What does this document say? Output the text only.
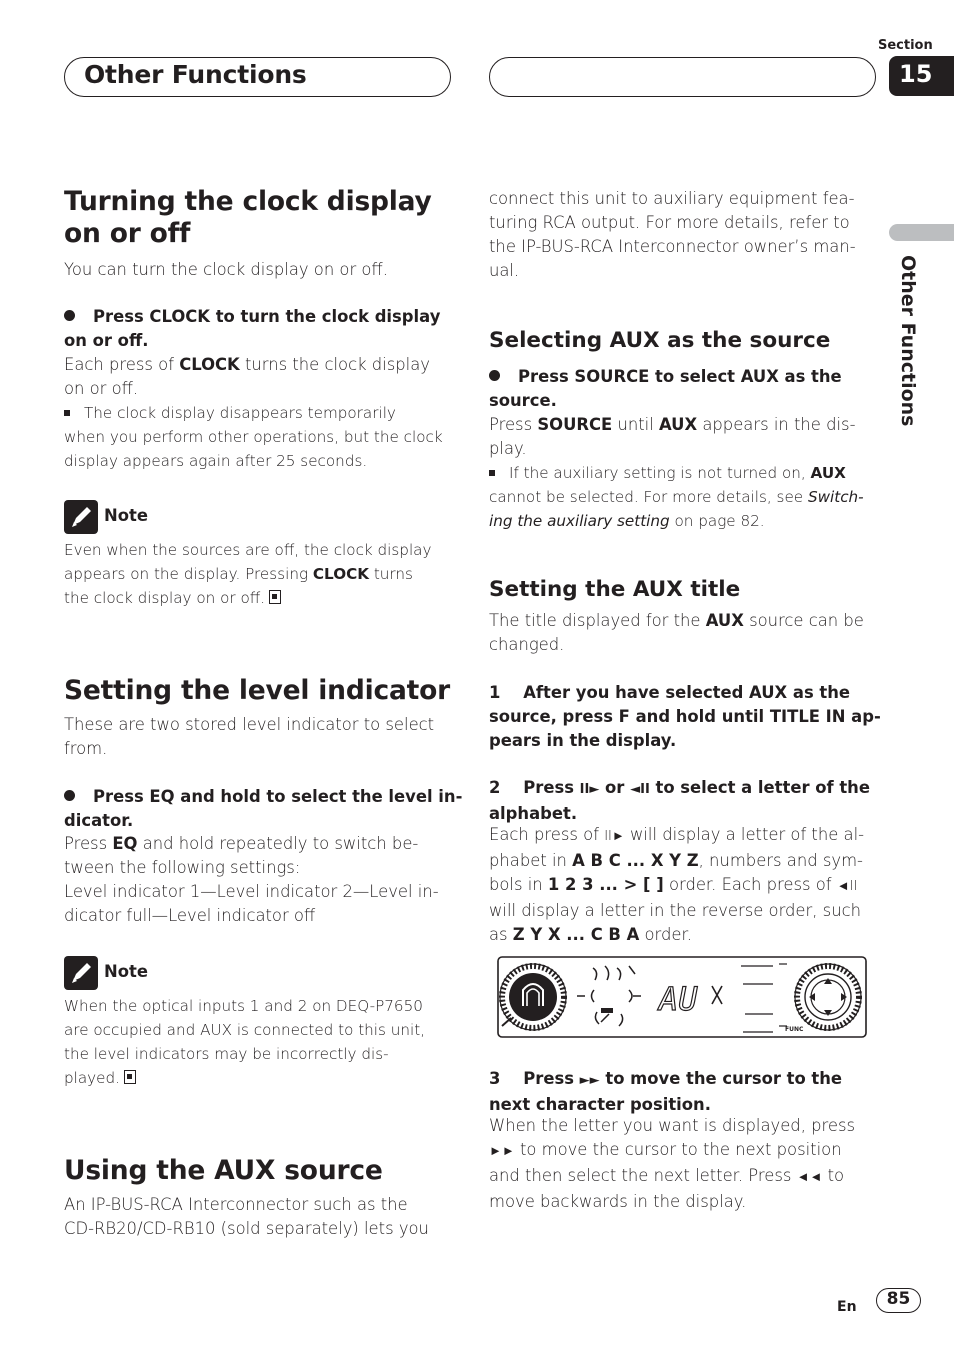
Other Functions
Section
15
Other Functions
Turning the clock display
on or off
You can turn the clock display on or off.
Press CLOCK to turn the clock display
on or off.
Each press of CLOCK turns the clock display
on or off.
The clock display disappears temporarily
when you perform other operations, but the clock
display appears again after 25 seconds.
Note
Even when the sources are off, the clock display
appears on the display. Pressing CLOCK turns
the clock display on or off.
Setting the level indicator
These are two stored level indicator to select
from.
Press EQ and hold to select the level in-
dicator.
Press EQ and hold repeatedly to switch be-
tween the following settings:
Level indicator 1—Level indicator 2—Level in-
dicator full—Level indicator off
Note
When the optical inputs 1 and 2 on DEQ-P7650
are occupied and AUX is connected to this unit,
the level indicators may be incorrectly dis-
played.
Using the AUX source
An IP-BUS-RCA Interconnector such as the
CD-RB20/CD-RB10 (sold separately) lets you
connect this unit to auxiliary equipment fea-
turing RCA output. For more details, refer to
the IP-BUS-RCA Interconnector owner’s man-
ual.
Selecting AUX as the source
Press SOURCE to select AUX as the
source.
Press SOURCE until AUX appears in the dis-
play.
If the auxiliary setting is not turned on, AUX
cannot be selected. For more details, see Switch-
ing the auxiliary setting on page 82.
Setting the AUX title
The title displayed for the AUX source can be
changed.
1    After you have selected AUX as the
source, press F and hold until TITLE IN ap-
pears in the display.
2    Press II► or ◄II to select a letter of the
alphabet.
Each press of II► will display a letter of the al-
phabet in A B C ... X Y Z, numbers and sym-
bols in 1 2 3 ... > [ ] order. Each press of ◄II
will display a letter in the reverse order, such
as Z Y X ... C B A order.
AU
FUNC
3    Press ►► to move the cursor to the
next character position.
When the letter you want is displayed, press
►► to move the cursor to the next position
and then select the next letter. Press ◄◄ to
move backwards in the display.
En	85
